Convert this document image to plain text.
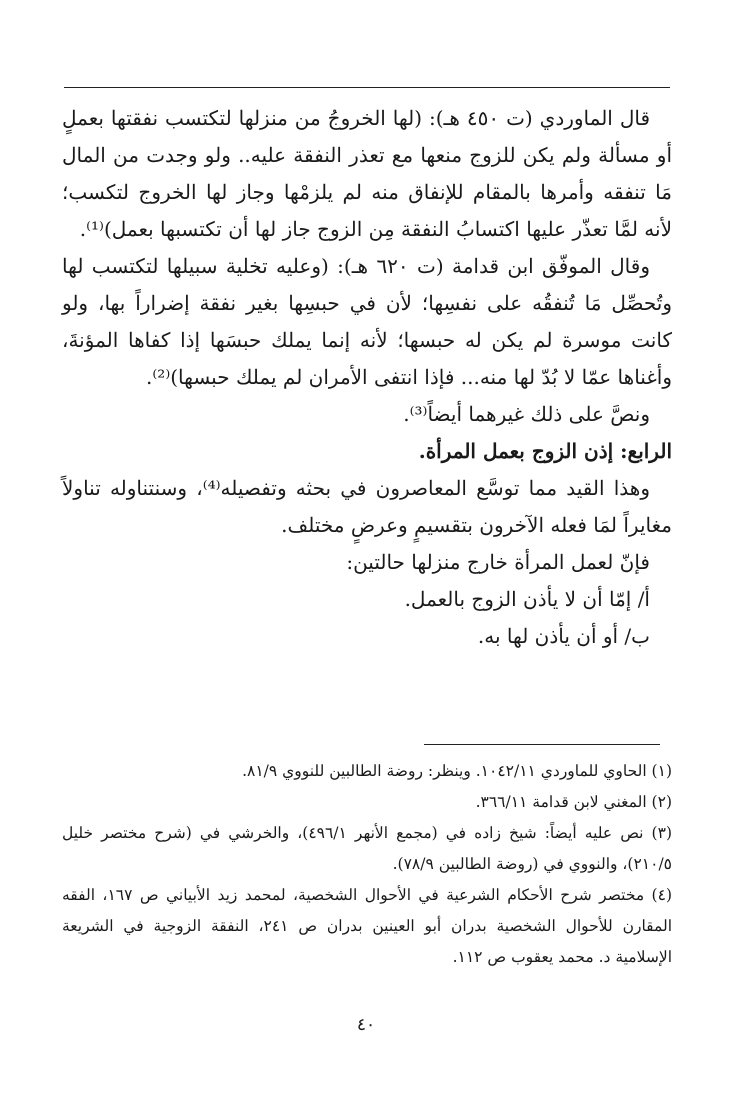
قال الماوردي (ت ٤٥٠ هـ): (لها الخروجُ من منزلها لتكتسب نفقتها بعملٍ أو مسألة ولم يكن للزوج منعها مع تعذر النفقة عليه.. ولو وجدت من المال مَا تنفقه وأمرها بالمقام للإنفاق منه لم يلزمْها وجاز لها الخروج لتكسب؛ لأنه لمَّا تعذّر عليها اكتسابُ النفقة مِن الزوج جاز لها أن تكتسبها بعمل)⁽¹⁾.

وقال الموفّق ابن قدامة (ت ٦٢٠ هـ): (وعليه تخلية سبيلها لتكتسب لها وتُحصِّل مَا تُنفقُه على نفسِها؛ لأن في حبسِها بغير نفقة إضراراً بها، ولو كانت موسرة لم يكن له حبسها؛ لأنه إنما يملك حبسَها إذا كفاها المؤنةَ، وأغناها عمّا لا بُدّ لها منه... فإذا انتفى الأمران لم يملك حبسها)⁽²⁾.

ونصَّ على ذلك غيرهما أيضاً⁽³⁾.

الرابع: إذن الزوج بعمل المرأة.

وهذا القيد مما توسَّع المعاصرون في بحثه وتفصيله⁽⁴⁾، وسنتناوله تناولاً مغايراً لمَا فعله الآخرون بتقسيمٍ وعرضٍ مختلف.

فإنّ لعمل المرأة خارج منزلها حالتين:

أ/ إمّا أن لا يأذن الزوج بالعمل.

ب/ أو أن يأذن لها به.

(١) الحاوي للماوردي ١٠٤٢/١١. وينظر: روضة الطالبين للنووي ٨١/٩.

(٢) المغني لابن قدامة ٣٦٦/١١.

(٣) نص عليه أيضاً: شيخ زاده في (مجمع الأنهر ٤٩٦/١)، والخرشي في (شرح مختصر خليل ٢١٠/٥)، والنووي في (روضة الطالبين ٧٨/٩).

(٤) مختصر شرح الأحكام الشرعية في الأحوال الشخصية، لمحمد زيد الأبياني ص ١٦٧، الفقه المقارن للأحوال الشخصية بدران أبو العينين بدران ص ٢٤١، النفقة الزوجية في الشريعة الإسلامية د. محمد يعقوب ص ١١٢.

٤٠
